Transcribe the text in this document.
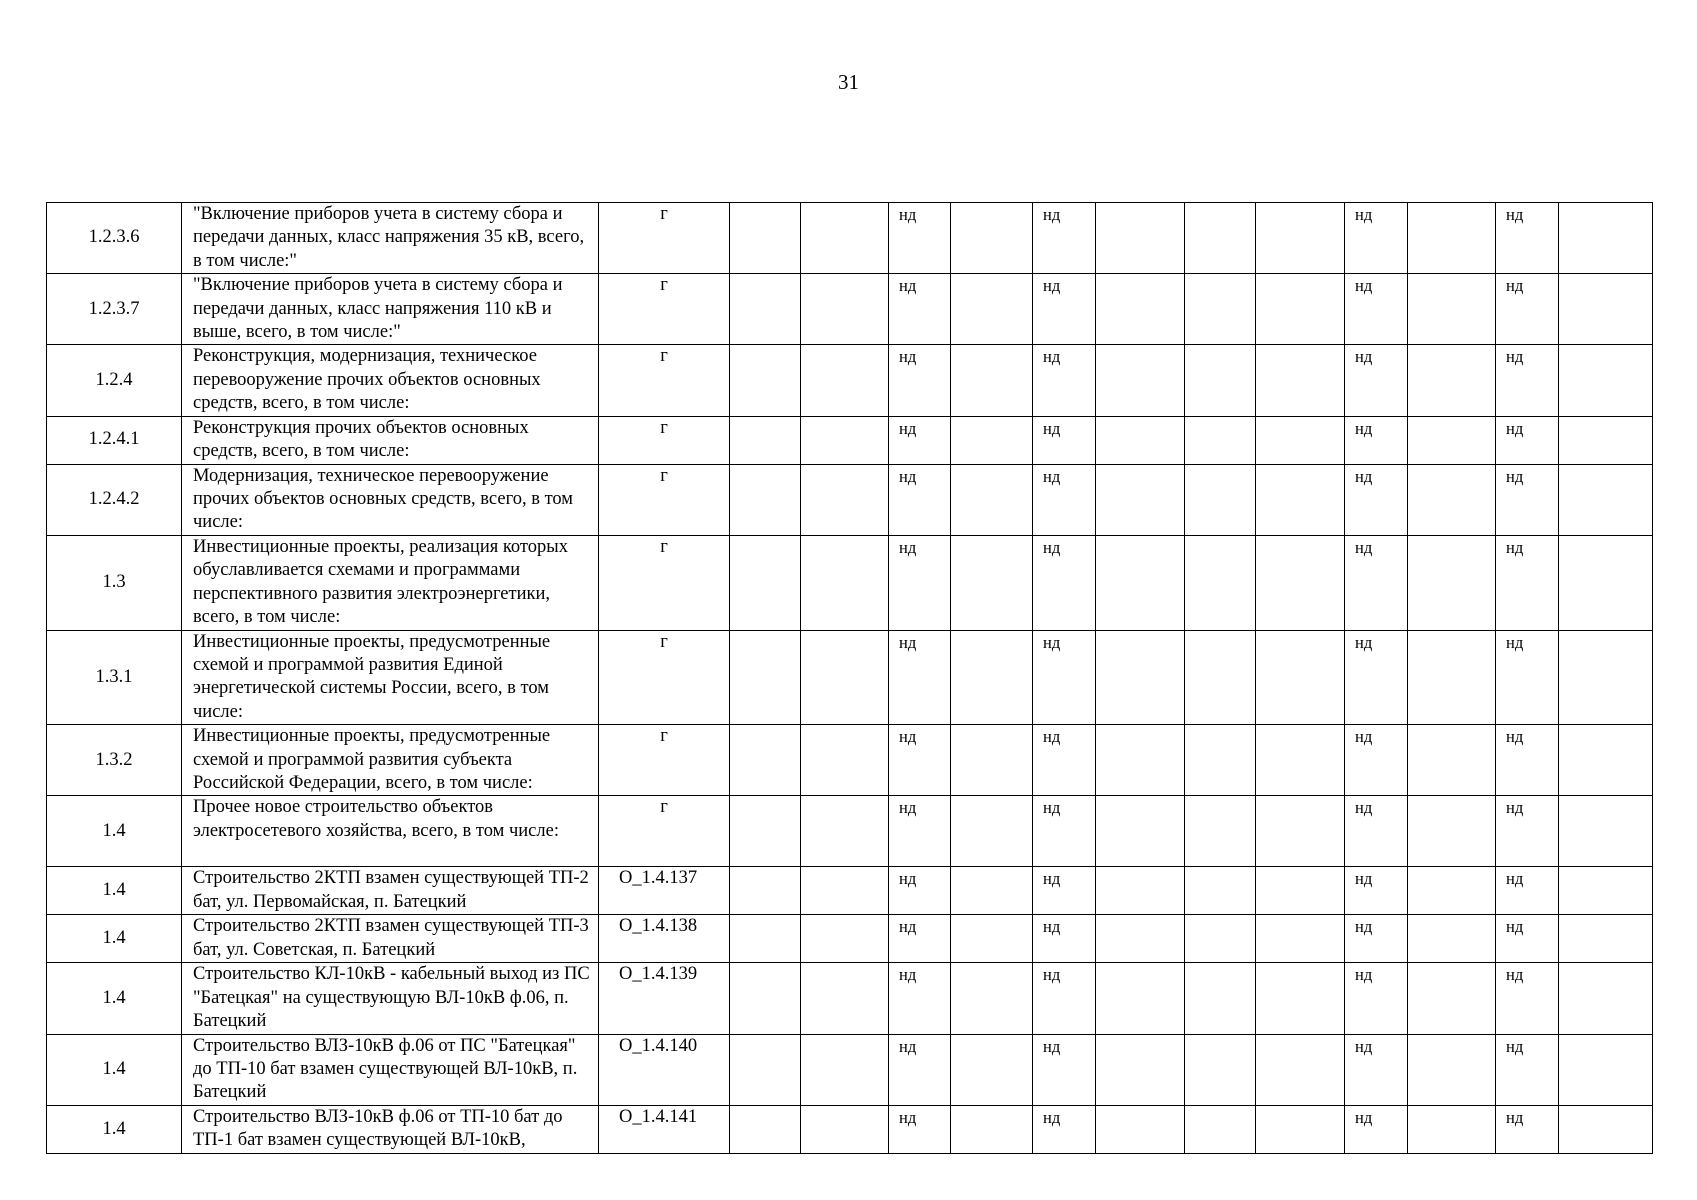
31
1.2.3.6	"Включение приборов учета в систему сбора и передачи данных, класс напряжения 35 кВ, всего, в том числе:"	г			нд		нд				нд		нд	
1.2.3.7	"Включение приборов учета в систему сбора и передачи данных, класс напряжения 110 кВ и выше, всего, в том числе:"	г			нд		нд				нд		нд	
1.2.4	Реконструкция, модернизация, техническое перевооружение прочих объектов основных средств, всего, в том числе:	г			нд		нд				нд		нд	
1.2.4.1	Реконструкция прочих объектов основных средств, всего, в том числе:	г			нд		нд				нд		нд	
1.2.4.2	Модернизация, техническое перевооружение прочих объектов основных средств, всего, в том числе:	г			нд		нд				нд		нд	
1.3	Инвестиционные проекты, реализация которых обуславливается схемами и программами перспективного развития электроэнергетики, всего, в том числе:	г			нд		нд				нд		нд	
1.3.1	Инвестиционные проекты, предусмотренные схемой и программой развития Единой энергетической системы России, всего, в том числе:	г			нд		нд				нд		нд	
1.3.2	Инвестиционные проекты, предусмотренные схемой и программой развития субъекта Российской Федерации, всего, в том числе:	г			нд		нд				нд		нд	
1.4	Прочее новое строительство объектов электросетевого хозяйства, всего, в том числе:	г			нд		нд				нд		нд	
1.4	Строительство 2КТП взамен существующей ТП-2 бат, ул. Первомайская, п. Батецкий	O_1.4.137			нд		нд				нд		нд	
1.4	Строительство 2КТП взамен существующей ТП-3 бат, ул. Советская, п. Батецкий	O_1.4.138			нд		нд				нд		нд	
1.4	Строительство КЛ-10кВ - кабельный выход из ПС "Батецкая" на существующую ВЛ-10кВ ф.06, п. Батецкий	O_1.4.139			нд		нд				нд		нд	
1.4	Строительство ВЛЗ-10кВ ф.06 от ПС "Батецкая" до ТП-10 бат взамен существующей ВЛ-10кВ, п. Батецкий	O_1.4.140			нд		нд				нд		нд	
1.4	Строительство ВЛЗ-10кВ ф.06 от ТП-10 бат до ТП-1 бат взамен существующей ВЛ-10кВ,	O_1.4.141			нд		нд				нд		нд	
